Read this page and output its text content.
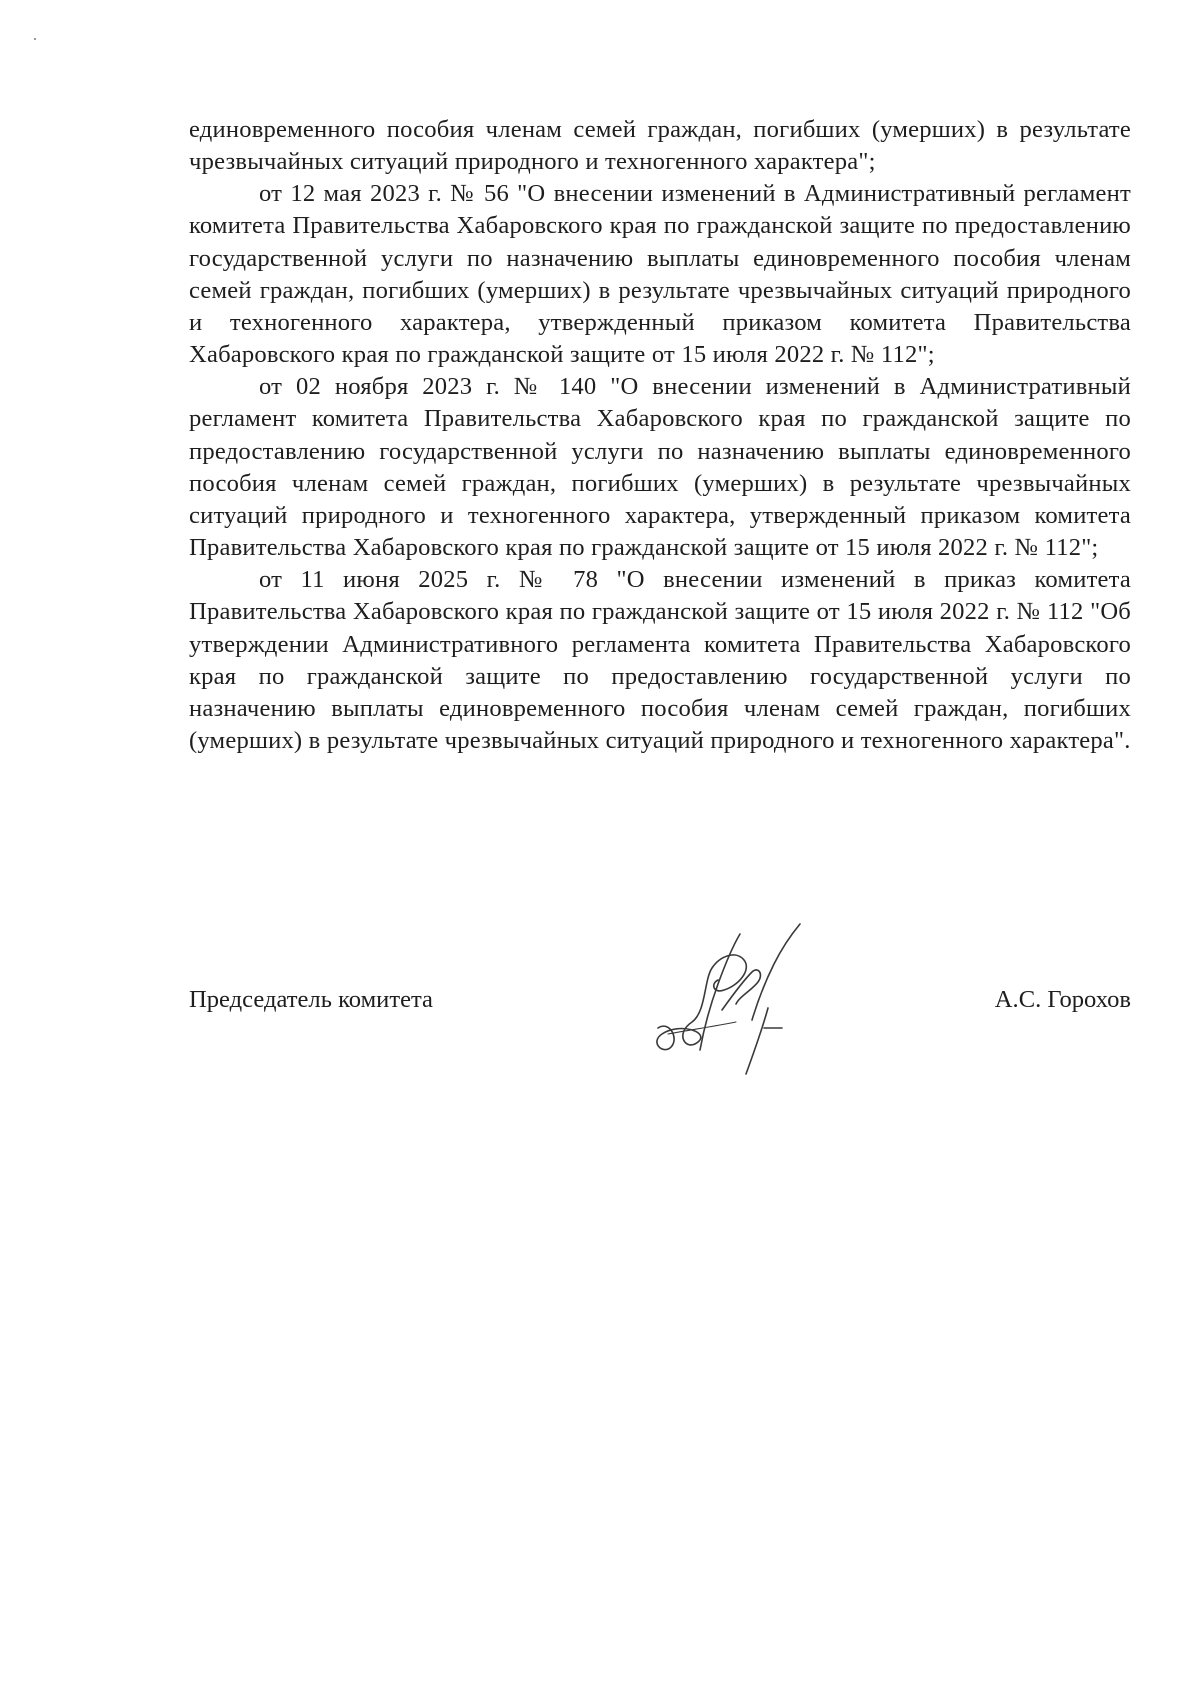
единовременного пособия членам семей граждан, погибших (умерших) в результате чрезвычайных ситуаций природного и техногенного характера";

от 12 мая 2023 г. № 56 "О внесении изменений в Административный регламент комитета Правительства Хабаровского края по гражданской защите по предоставлению государственной услуги по назначению выплаты единовременного пособия членам семей граждан, погибших (умерших) в результате чрезвычайных ситуаций природного и техногенного характера, утвержденный приказом комитета Правительства Хабаровского края по гражданской защите от 15 июля 2022 г. № 112";

от 02 ноября 2023 г. № 140 "О внесении изменений в Административный регламент комитета Правительства Хабаровского края по гражданской защите по предоставлению государственной услуги по назначению выплаты единовременного пособия членам семей граждан, погибших (умерших) в результате чрезвычайных ситуаций природного и техногенного характера, утвержденный приказом комитета Правительства Хабаровского края по гражданской защите от 15 июля 2022 г. № 112";

от 11 июня 2025 г. № 78 "О внесении изменений в приказ комитета Правительства Хабаровского края по гражданской защите от 15 июля 2022 г. № 112 "Об утверждении Административного регламента комитета Правительства Хабаровского края по гражданской защите по предоставлению государственной услуги по назначению выплаты единовременного пособия членам семей граждан, погибших (умерших) в результате чрезвычайных ситуаций природного и техногенного характера".

Председатель комитета	А.С. Горохов
